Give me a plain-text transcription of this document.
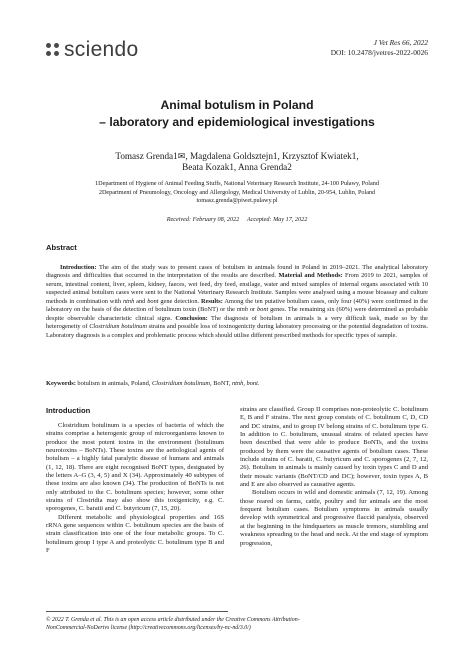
sciendo	J Vet Res 66, 2022
DOI: 10.2478/jvetres-2022-0026
Animal botulism in Poland
– laboratory and epidemiological investigations
Tomasz Grenda1✉, Magdalena Goldsztejn1, Krzysztof Kwiatek1,
Beata Kozak1, Anna Grenda2
1Department of Hygiene of Animal Feeding Stuffs, National Veterinary Research Institute, 24-100 Puławy, Poland
2Department of Pneumology, Oncology and Allergology, Medical University of Lublin, 20-954, Lublin, Poland
tomasz.grenda@piwet.pulawy.pl
Received: February 08, 2022     Accepted: May 17, 2022
Abstract
Introduction: The aim of the study was to present cases of botulism in animals found in Poland in 2019–2021. The analytical laboratory diagnosis and difficulties that occurred in the interpretation of the results are described. Material and Methods: From 2019 to 2021, samples of serum, intestinal content, liver, spleen, kidney, faeces, wet feed, dry feed, ensilage, water and mixed samples of internal organs associated with 10 suspected animal botulism cases were sent to the National Veterinary Research Institute. Samples were analysed using a mouse bioassay and culture methods in combination with ntnh and bont gene detection. Results: Among the ten putative botulism cases, only four (40%) were confirmed in the laboratory on the basis of the detection of botulinum toxin (BoNT) or the ntnh or bont genes. The remaining six (60%) were determined as probable despite observable characteristic clinical signs. Conclusion: The diagnosis of botulism in animals is a very difficult task, made so by the heterogeneity of Clostridium botulinum strains and possible loss of toxinogenicity during laboratory processing or the potential degradation of toxins. Laboratory diagnosis is a complex and problematic process which should utilise different prescribed methods for specific types of sample.
Keywords: botulism in animals, Poland, Clostridium botulinum, BoNT, ntnh, bont.
Introduction

Clostridium botulinum is a species of bacteria of which the strains comprise a heterogenic group of microorganisms known to produce the most potent toxins in the environment (botulinum neurotoxins – BoNTs). These toxins are the aetiological agents of botulism – a highly fatal paralytic disease of humans and animals (1, 12, 18). There are eight recognised BoNT types, designated by the letters A–G (3, 4, 5) and X (34). Approximately 40 subtypes of these toxins are also known (34). The production of BoNTs is not only attributed to the C. botulinum species; however, some other strains of Clostridia may also show this toxigenicity, e.g. C. sporogenes, C. baratii and C. butyricum (7, 15, 20).

Different metabolic and physiological properties and 16S rRNA gene sequences within C. botulinum species are the basis of strain classification into one of the four metabolic groups. To C. botulinum group I type A and proteolytic C. botulinum type B and F

strains are classified. Group II comprises non-proteolytic C. botulinum E, B and F strains. The next group consists of C. botulinum C, D, CD and DC strains, and to group IV belong strains of C. botulinum type G. In addition to C. botulinum, unusual strains of related species have been described that were able to produce BoNTs, and the toxins produced by them were the causative agents of botulism cases. These include strains of C. baratii, C. butyricum and C. sporogenes (2, 7, 12, 26). Botulism in animals is mainly caused by toxin types C and D and their mosaic variants (BoNT/CD and DC); however, toxin types A, B and E are also observed as causative agents.

Botulism occurs in wild and domestic animals (7, 12, 19). Among those reared on farms, cattle, poultry and fur animals are the most frequent botulism cases. Botulism symptoms in animals usually develop with symmetrical and progressive flaccid paralysis, observed at the beginning in the hindquarters as muscle tremors, stumbling and weakness spreading to the head and neck. At the end stage of symptom progression,

© 2022 T. Grenda et al. This is an open access article distributed under the Creative Commons Attribution-
NonCommercial-NoDerivs license (http://creativecommons.org/licenses/by-nc-nd/3.0/)
